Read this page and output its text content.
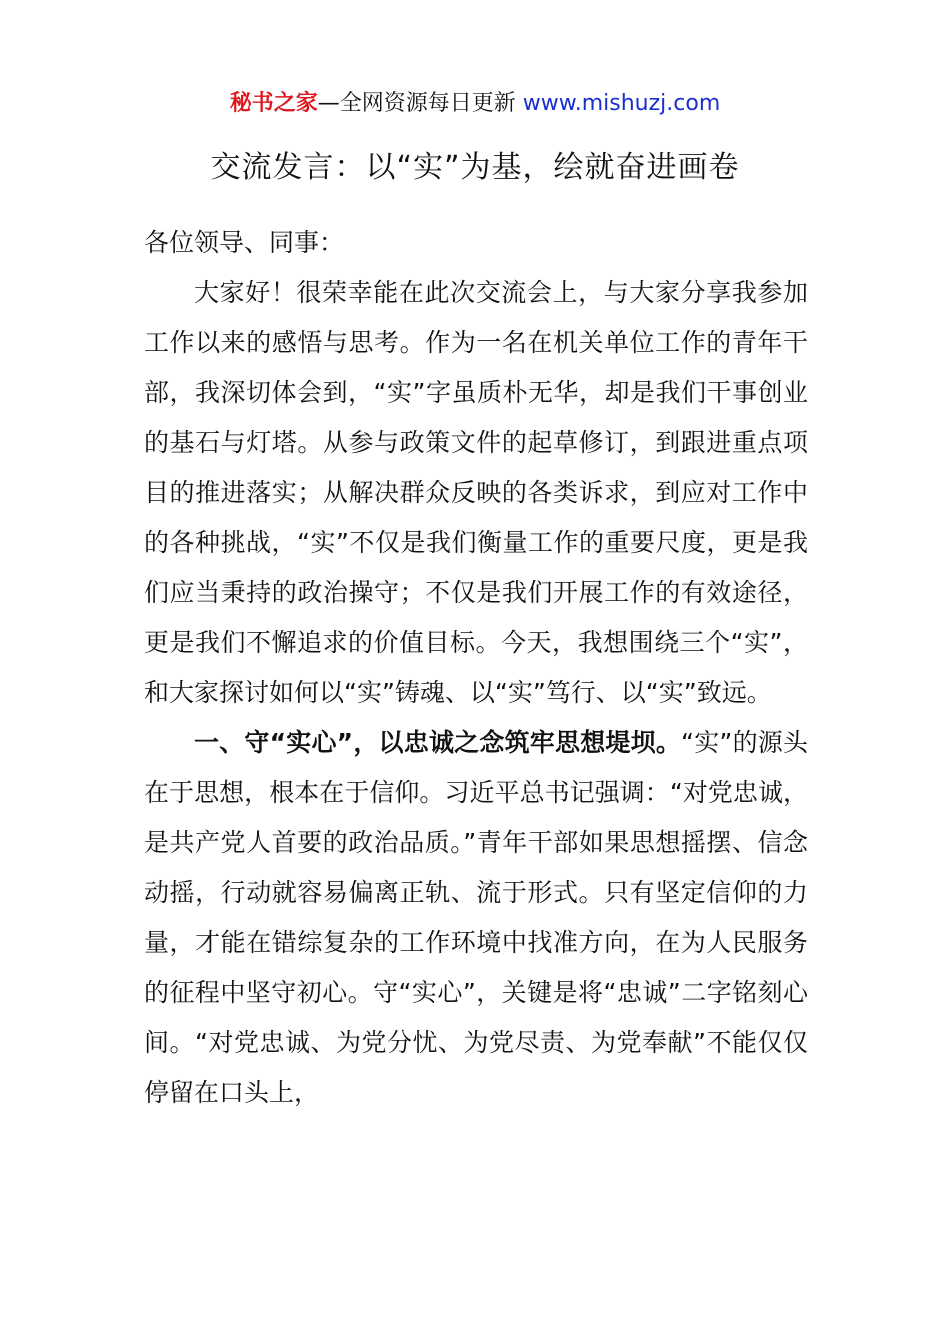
秘书之家—全网资源每日更新 www.mishuzj.com
交流发言：以“实”为基，绘就奋进画卷

各位领导、同事：

大家好！很荣幸能在此次交流会上，与大家分享我参加工作以来的感悟与思考。作为一名在机关单位工作的青年干部，我深切体会到，“实”字虽质朴无华，却是我们干事创业的基石与灯塔。从参与政策文件的起草修订，到跟进重点项目的推进落实；从解决群众反映的各类诉求，到应对工作中的各种挑战，“实”不仅是我们衡量工作的重要尺度，更是我们应当秉持的政治操守；不仅是我们开展工作的有效途径，更是我们不懈追求的价值目标。今天，我想围绕三个“实”，和大家探讨如何以“实”铸魂、以“实”笃行、以“实”致远。

一、守“实心”，以忠诚之念筑牢思想堤坝。“实”的源头在于思想，根本在于信仰。习近平总书记强调：“对党忠诚，是共产党人首要的政治品质。”青年干部如果思想摇摆、信念动摇，行动就容易偏离正轨、流于形式。只有坚定信仰的力量，才能在错综复杂的工作环境中找准方向，在为人民服务的征程中坚守初心。守“实心”，关键是将“忠诚”二字铭刻心间。“对党忠诚、为党分忧、为党尽责、为党奉献”不能仅仅停留在口头上，
